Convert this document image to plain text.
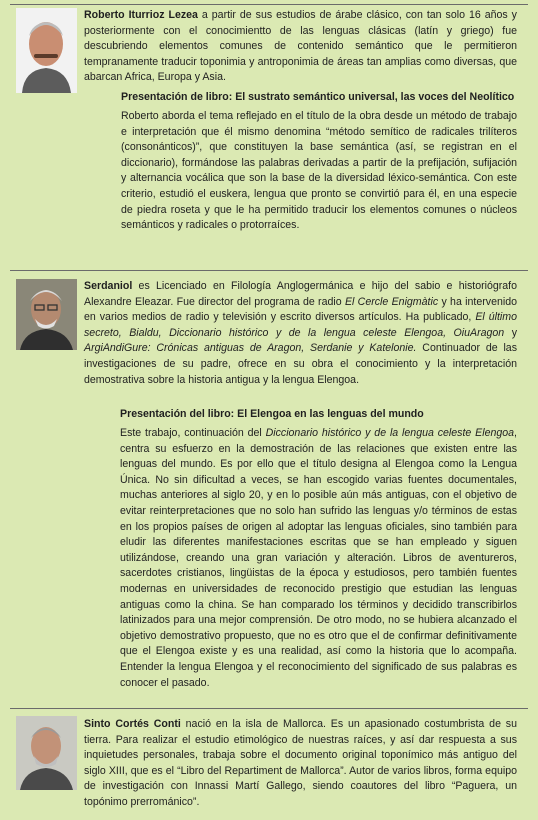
Roberto Iturrioz Lezea a partir de sus estudios de árabe clásico, con tan solo 16 años y posteriormente con el conocimientto de las lenguas clásicas (latín y griego) fue descubriendo elementos comunes de contenido semántico que le permitieron tempranamente traducir toponimia y antroponimia de áreas tan amplias como diversas, que abarcan Africa, Europa y Asia.
Presentación de libro: El sustrato semántico universal, las voces del Neolítico
Roberto aborda el tema reflejado en el título de la obra desde un método de trabajo e interpretación que él mismo denomina “método semítico de radicales trilíteros (consonánticos)”, que constituyen la base semántica (así, se registran en el diccionario), formándose las palabras derivadas a partir de la prefijación, sufijación y alternancia vocálica que son la base de la diversidad léxico-semántica. Con este criterio, estudió el euskera, lengua que pronto se convirtió para él, en una especie de piedra roseta y que le ha permitido traducir los elementos comunes o núcleos semánticos y radicales o protorraíces.
Serdaniol es Licenciado en Filología Anglogermánica e hijo del sabio e historiógrafo Alexandre Eleazar. Fue director del programa de radio El Cercle Enigmàtic y ha intervenido en varios medios de radio y televisión y escrito diversos artículos. Ha publicado, El último secreto, Bialdu, Diccionario histórico y de la lengua celeste Elengoa, OiuAragon y ArgiAndiGure: Crónicas antiguas de Aragon, Serdanie y Katelonie. Continuador de las investigaciones de su padre, ofrece en su obra el conocimiento y la interpretación demostrativa sobre la historia antigua y la lengua Elengoa.
Presentación del libro: El Elengoa en las lenguas del mundo
Este trabajo, continuación del Diccionario histórico y de la lengua celeste Elengoa, centra su esfuerzo en la demostración de las relaciones que existen entre las lenguas del mundo. Es por ello que el título designa al Elengoa como la Lengua Única. No sin dificultad a veces, se han escogido varias fuentes documentales, muchas anteriores al siglo 20, y en lo posible aún más antiguas, con el objetivo de evitar reinterpretaciones que no solo han sufrido las lenguas y/o términos de estas en los propios países de origen al adoptar las lenguas oficiales, sino también para eludir las diferentes manifestaciones escritas que se han empleado y siguen utilizándose, creando una gran variación y alteración. Libros de aventureros, sacerdotes cristianos, lingüistas de la época y estudiosos, pero también fuentes modernas en universidades de reconocido prestigio que estudian las lenguas antiguas como la china. Se han comparado los términos y decidido transcribirlos latinizados para una mejor comprensión. De otro modo, no se hubiera alcanzado el objetivo demostrativo propuesto, que no es otro que el de confirmar definitivamente que el Elengoa existe y es una realidad, así como la historia que lo acompaña. Entender la lengua Elengoa y el reconocimiento del significado de sus palabras es conocer el pasado.
Sinto Cortés Conti nació en la isla de Mallorca. Es un apasionado costumbrista de su tierra. Para realizar el estudio etimológico de nuestras raíces, y así dar respuesta a sus inquietudes personales, trabaja sobre el documento original toponímico más antiguo del siglo XIII, que es el “Libro del Repartiment de Mallorca”. Autor de varios libros, forma equipo de investigación con Innassi Martí Gallego, siendo coautores del libro “Paguera, un topónimo prerrománico”.
